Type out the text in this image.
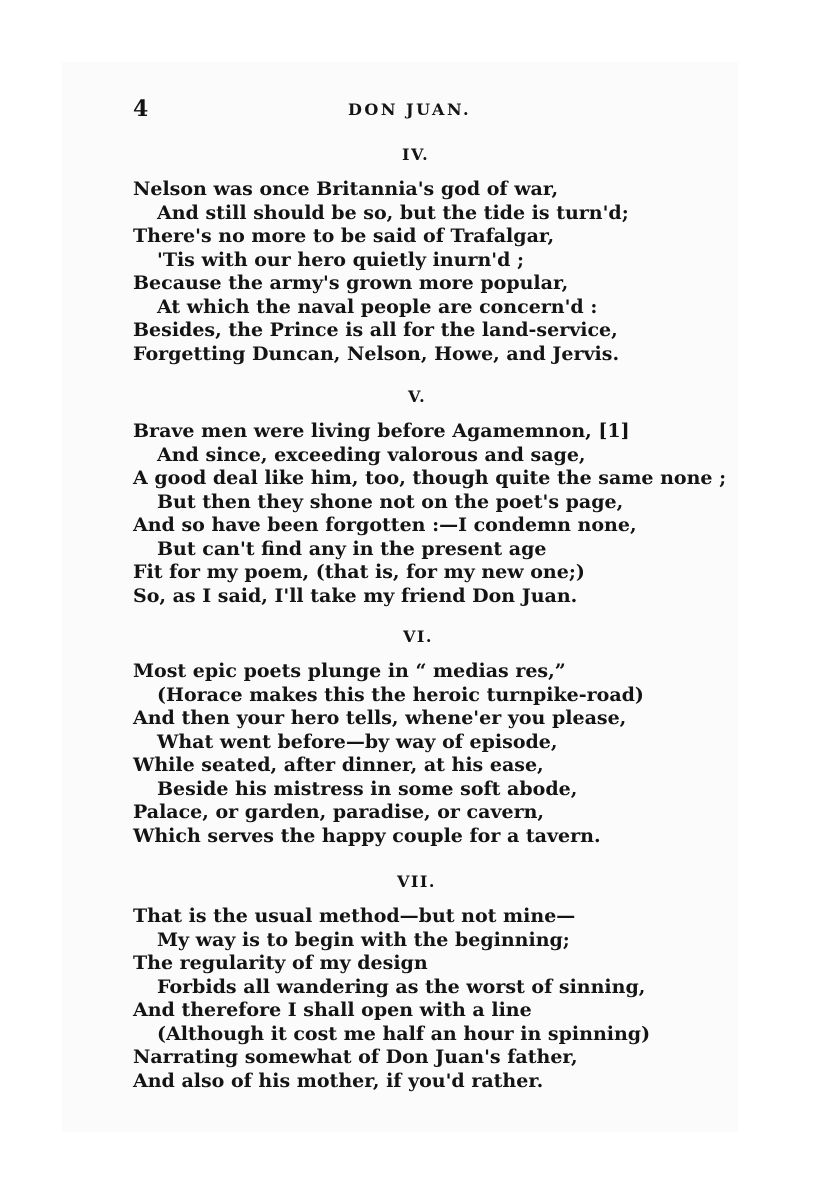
4	DON JUAN.
IV.
Nelson was once Britannia's god of war,
And still should be so, but the tide is turn'd;
There's no more to be said of Trafalgar,
'Tis with our hero quietly inurn'd ;
Because the army's grown more popular,
At which the naval people are concern'd :
Besides, the Prince is all for the land-service,
Forgetting Duncan, Nelson, Howe, and Jervis.
V.
Brave men were living before Agamemnon, [1]
And since, exceeding valorous and sage,
A good deal like him, too, though quite the same none ;
But then they shone not on the poet's page,
And so have been forgotten :—I condemn none,
But can't find any in the present age
Fit for my poem, (that is, for my new one;)
So, as I said, I'll take my friend Don Juan.
VI.
Most epic poets plunge in “ medias res,”
(Horace makes this the heroic turnpike-road)
And then your hero tells, whene'er you please,
What went before—by way of episode,
While seated, after dinner, at his ease,
Beside his mistress in some soft abode,
Palace, or garden, paradise, or cavern,
Which serves the happy couple for a tavern.
VII.
That is the usual method—but not mine—
My way is to begin with the beginning;
The regularity of my design
Forbids all wandering as the worst of sinning,
And therefore I shall open with a line
(Although it cost me half an hour in spinning)
Narrating somewhat of Don Juan's father,
And also of his mother, if you'd rather.
